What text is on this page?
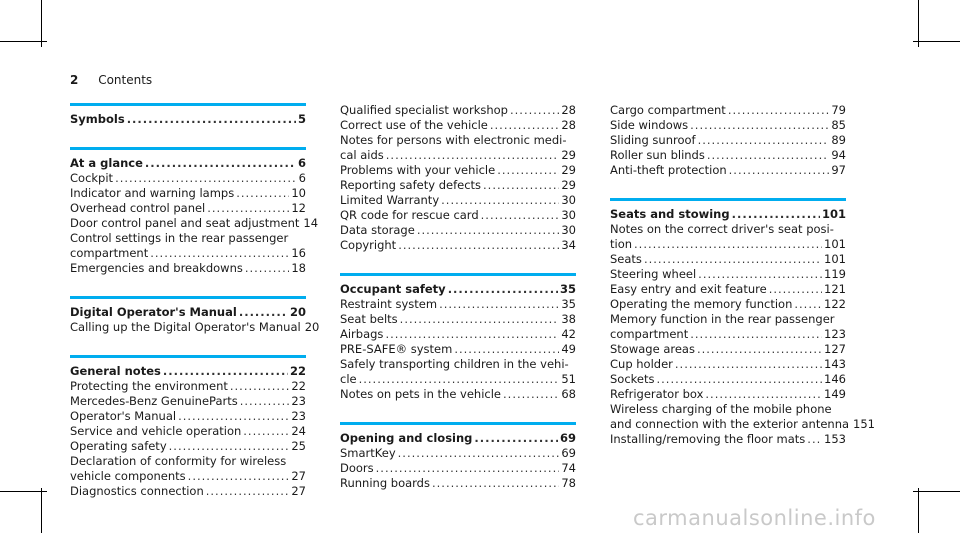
2 Contents
Symbols .....	5
At a glance .....	6
Cockpit .....	6
Indicator and warning lamps .....	10
Overhead control panel .....	12
Door control panel and seat adjustment 14
Control settings in the rear passenger
compartment .....	16
Emergencies and breakdowns .....	18
Digital Operator's Manual .....	20
Calling up the Digital Operator's Manual 20
General notes .....	22
Protecting the environment .....	22
Mercedes-Benz GenuineParts .....	23
Operator's Manual .....	23
Service and vehicle operation .....	24
Operating safety .....	25
Declaration of conformity for wireless
vehicle components .....	27
Diagnostics connection .....	27
Qualified specialist workshop .....	28
Correct use of the vehicle .....	28
Notes for persons with electronic medi-
cal aids .....	29
Problems with your vehicle .....	29
Reporting safety defects .....	29
Limited Warranty .....	30
QR code for rescue card .....	30
Data storage .....	30
Copyright .....	34
Occupant safety .....	35
Restraint system .....	35
Seat belts .....	38
Airbags .....	42
PRE-SAFE® system .....	49
Safely transporting children in the vehi-
cle .....	51
Notes on pets in the vehicle .....	68
Opening and closing .....	69
SmartKey .....	69
Doors .....	74
Running boards .....	78
Cargo compartment .....	79
Side windows .....	85
Sliding sunroof .....	89
Roller sun blinds .....	94
Anti-theft protection .....	97
Seats and stowing .....	101
Notes on the correct driver's seat posi-
tion .....	101
Seats .....	101
Steering wheel .....	119
Easy entry and exit feature .....	121
Operating the memory function .....	122
Memory function in the rear passenger
compartment .....	123
Stowage areas .....	127
Cup holder .....	143
Sockets .....	146
Refrigerator box .....	149
Wireless charging of the mobile phone
and connection with the exterior antenna 151
Installing/removing the floor mats ..... 153
carmanualsonline.info
